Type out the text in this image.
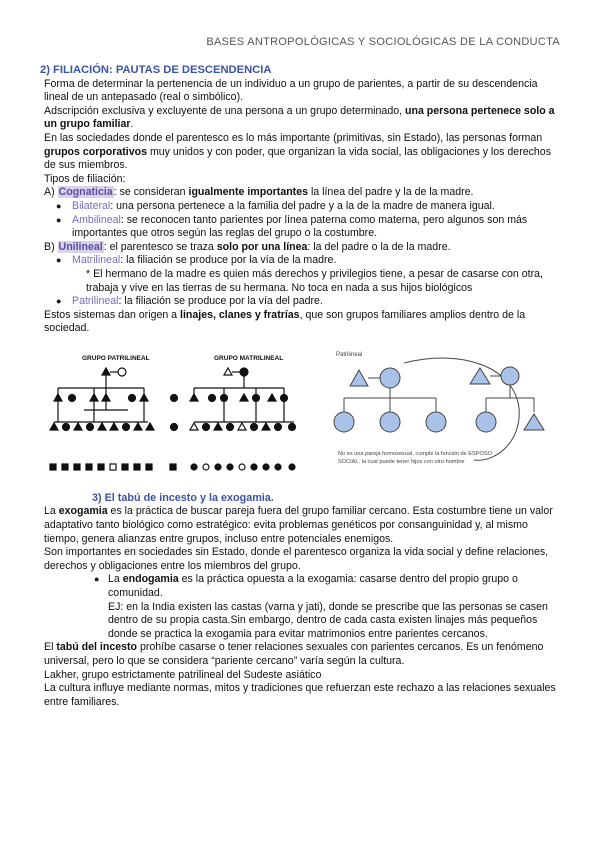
BASES ANTROPOLÓGICAS Y SOCIOLÓGICAS DE LA CONDUCTA

2) FILIACIÓN: PAUTAS DE DESCENDENCIA

Forma de determinar la pertenencia de un individuo a un grupo de parientes, a partir de su descendencia lineal de un antepasado (real o simbólico).

Adscripción exclusiva y excluyente de una persona a un grupo determinado, una persona pertenece solo a un grupo familiar.

En las sociedades donde el parentesco es lo más importante (primitivas, sin Estado), las personas forman grupos corporativos muy unidos y con poder, que organizan la vida social, las obligaciones y los derechos de sus miembros.

Tipos de filiación:

A) Cognaticia: se consideran igualmente importantes la línea del padre y la de la madre.

● Bilateral: una persona pertenece a la familia del padre y a la de la madre de manera igual.

● Ambilineal: se reconocen tanto parientes por línea paterna como materna, pero algunos son más importantes que otros según las reglas del grupo o la costumbre.

B) Unilineal: el parentesco se traza solo por una línea: la del padre o la de la madre.

● Matrilineal: la filiación se produce por la vía de la madre.

* El hermano de la madre es quien más derechos y privilegios tiene, a pesar de casarse con otra, trabaja y vive en las tierras de su hermana. No toca en nada a sus hijos biológicos

● Patrilineal: la filiación se produce por la vía del padre.

Estos sistemas dan origen a linajes, clanes y fratrías, que son grupos familiares amplios dentro de la sociedad.

GRUPO PATRILINEAL	GRUPO MATRILINEAL	Patrilineal
No es una pareja homosexual, cumple la función de ESPOSO
SOCIAL. la cual puede tener hijos con otro hombre

3) El tabú de incesto y la exogamia.

La exogamia es la práctica de buscar pareja fuera del grupo familiar cercano. Esta costumbre tiene un valor adaptativo tanto biológico como estratégico: evita problemas genéticos por consanguinidad y, al mismo tiempo, genera alianzas entre grupos, incluso entre potenciales enemigos.

Son importantes en sociedades sin Estado, donde el parentesco organiza la vida social y define relaciones, derechos y obligaciones entre los miembros del grupo.

● La endogamia es la práctica opuesta a la exogamia: casarse dentro del propio grupo o comunidad.

EJ: en la India existen las castas (varna y jati), donde se prescribe que las personas se casen dentro de su propia casta.Sin embargo, dentro de cada casta existen linajes más pequeños donde se practica la exogamia para evitar matrimonios entre parientes cercanos.

El tabú del incesto prohíbe casarse o tener relaciones sexuales con parientes cercanos. Es un fenómeno universal, pero lo que se considera “pariente cercano” varía según la cultura.

Lakher, grupo estrictamente patrilineal del Sudeste asiático

La cultura influye mediante normas, mitos y tradiciones que refuerzan este rechazo a las relaciones sexuales entre familiares.
